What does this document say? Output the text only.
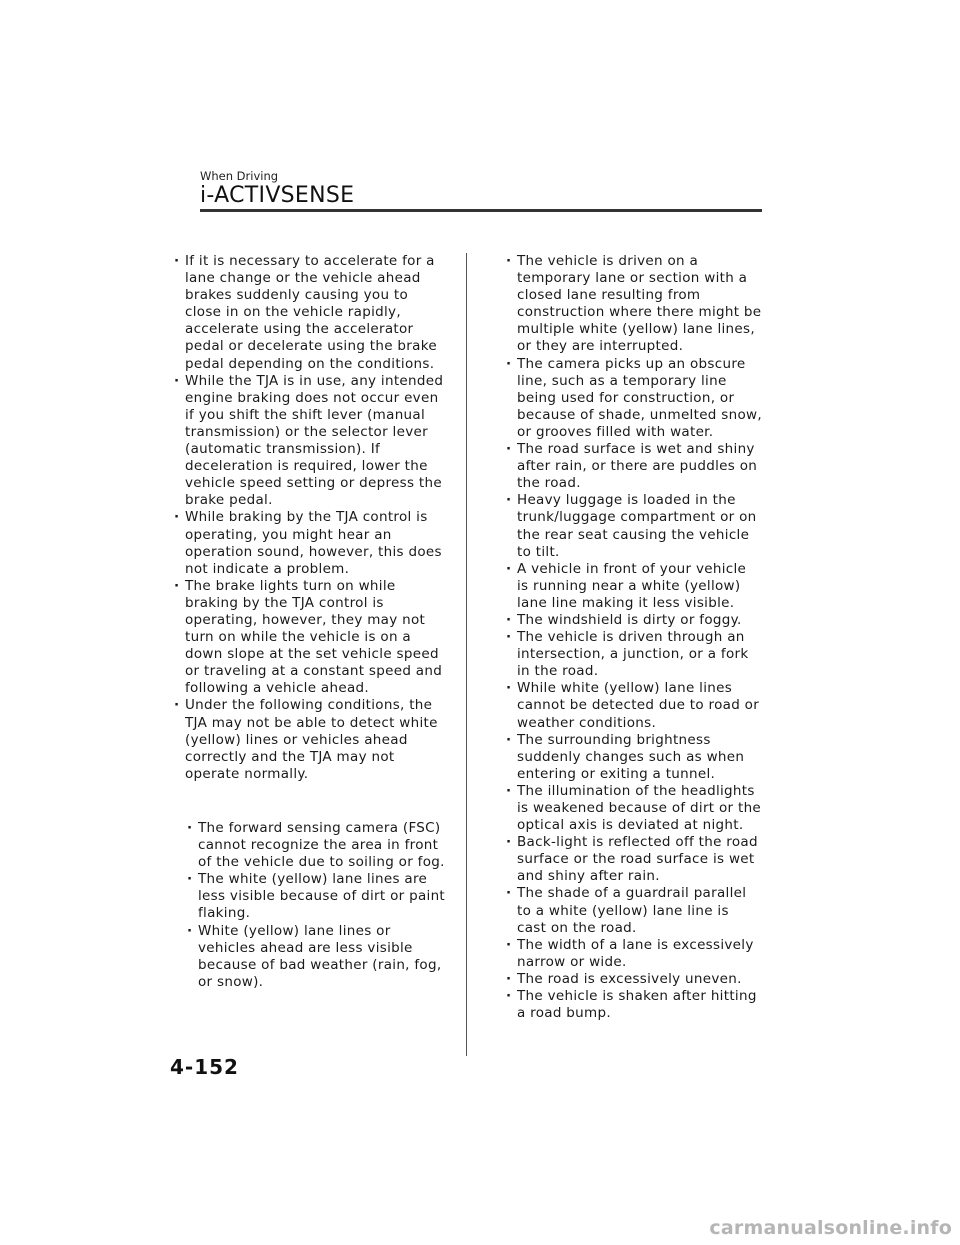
When Driving
i-ACTIVSENSE
· If it is necessary to accelerate for a lane change or the vehicle ahead brakes suddenly causing you to close in on the vehicle rapidly, accelerate using the accelerator pedal or decelerate using the brake pedal depending on the conditions.
· While the TJA is in use, any intended engine braking does not occur even if you shift the shift lever (manual transmission) or the selector lever (automatic transmission). If deceleration is required, lower the vehicle speed setting or depress the brake pedal.
· While braking by the TJA control is operating, you might hear an operation sound, however, this does not indicate a problem.
· The brake lights turn on while braking by the TJA control is operating, however, they may not turn on while the vehicle is on a down slope at the set vehicle speed or traveling at a constant speed and following a vehicle ahead.
· Under the following conditions, the TJA may not be able to detect white (yellow) lines or vehicles ahead correctly and the TJA may not operate normally.
· The forward sensing camera (FSC) cannot recognize the area in front of the vehicle due to soiling or fog.
· The white (yellow) lane lines are less visible because of dirt or paint flaking.
· White (yellow) lane lines or vehicles ahead are less visible because of bad weather (rain, fog, or snow).
· The vehicle is driven on a temporary lane or section with a closed lane resulting from construction where there might be multiple white (yellow) lane lines, or they are interrupted.
· The camera picks up an obscure line, such as a temporary line being used for construction, or because of shade, unmelted snow, or grooves filled with water.
· The road surface is wet and shiny after rain, or there are puddles on the road.
· Heavy luggage is loaded in the trunk/luggage compartment or on the rear seat causing the vehicle to tilt.
· A vehicle in front of your vehicle is running near a white (yellow) lane line making it less visible.
· The windshield is dirty or foggy.
· The vehicle is driven through an intersection, a junction, or a fork in the road.
· While white (yellow) lane lines cannot be detected due to road or weather conditions.
· The surrounding brightness suddenly changes such as when entering or exiting a tunnel.
· The illumination of the headlights is weakened because of dirt or the optical axis is deviated at night.
· Back-light is reflected off the road surface or the road surface is wet and shiny after rain.
· The shade of a guardrail parallel to a white (yellow) lane line is cast on the road.
· The width of a lane is excessively narrow or wide.
· The road is excessively uneven.
· The vehicle is shaken after hitting a road bump.
4-152
carmanualsonline.info
